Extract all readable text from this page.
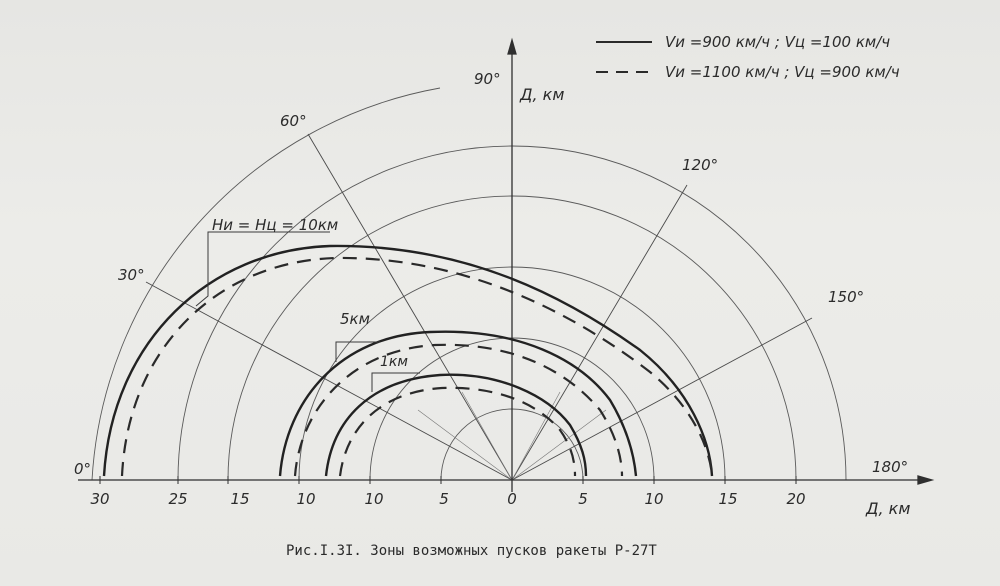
Vи =900 км/ч ; Vц =100 км/ч
Vи =1100 км/ч ; Vц =900 км/ч
0°
30°
60°
90°
120°
150°
180°
Д, км
Д, км
Hи = Hц = 10км
5км
1км
30	25	15	10	10	5	0	5	10	15	20
Рис.I.3I. Зоны возможных пусков ракеты Р-27Т
